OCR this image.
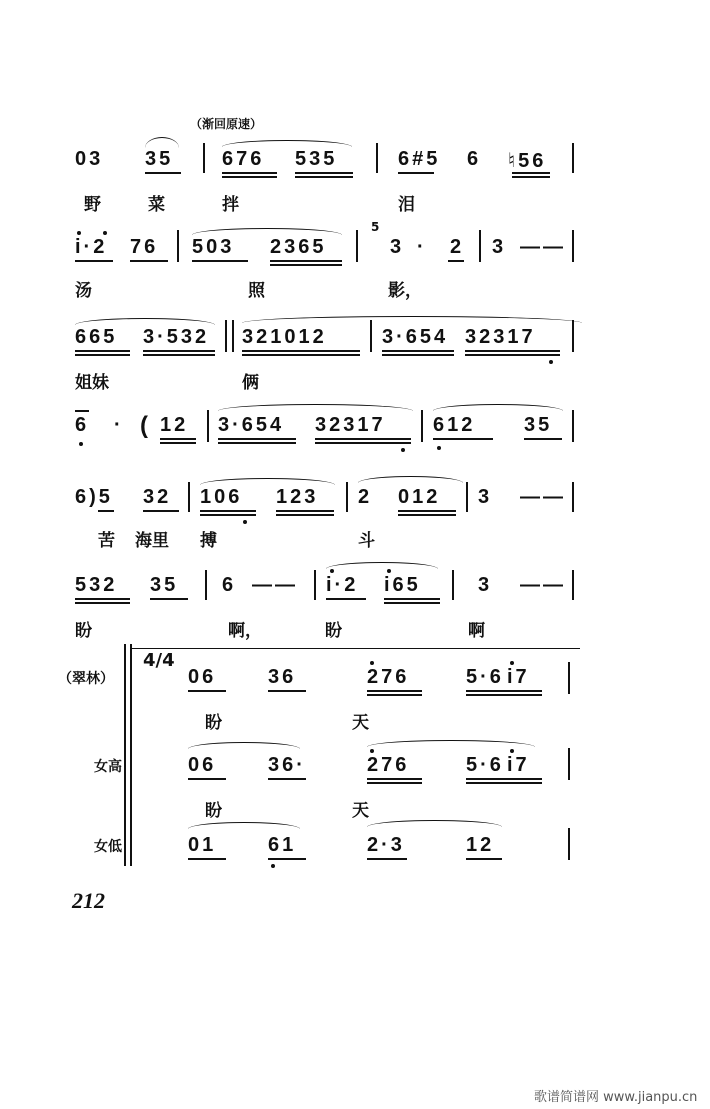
（渐回原速）
03 35 676 535	6#5 6 ♮56
野	菜	拌	泪
i·2 76 503 2365
5
3 · 2 3 ——
汤	照	影，
665 3·532 321012	3·654 32317
姐妹	俩
6 · ( 12 3·654 32317 612 35
6)5 32 106 123 2 012 3 ——
苦 海里 搏	斗
532 35 6 —— i·2 i65	3 ——
盼	啊，	盼	啊
4/4
（翠林）	06	36	276	5·6 i7
盼	天
女高	06	36·	276	5·6 i7
盼	天
女低	01	61	2·3	12
212
歌谱简谱网 www.jianpu.cn
